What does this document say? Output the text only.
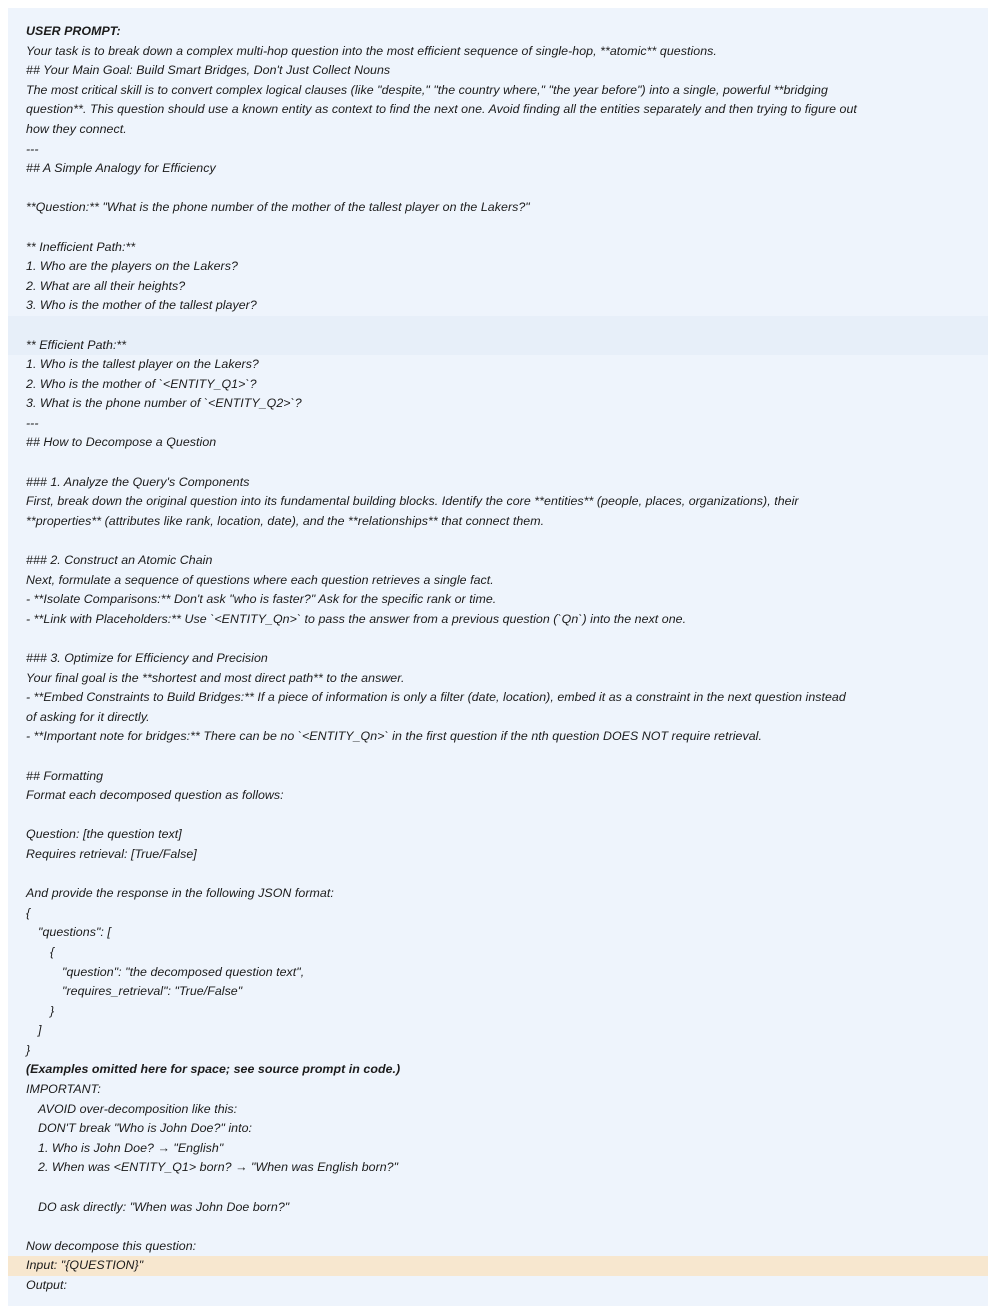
USER PROMPT:
Your task is to break down a complex multi-hop question into the most efficient sequence of single-hop, **atomic** questions.
## Your Main Goal: Build Smart Bridges, Don't Just Collect Nouns
The most critical skill is to convert complex logical clauses (like "despite," "the country where," "the year before") into a single, powerful **bridging
question**. This question should use a known entity as context to find the next one. Avoid finding all the entities separately and then trying to figure out
how they connect.
---
## A Simple Analogy for Efficiency
**Question:** "What is the phone number of the mother of the tallest player on the Lakers?"
** Inefficient Path:**
1. Who are the players on the Lakers?
2. What are all their heights?
3. Who is the mother of the tallest player?
** Efficient Path:**
1. Who is the tallest player on the Lakers?
2. Who is the mother of `<ENTITY_Q1>`?
3. What is the phone number of `<ENTITY_Q2>`?
---
## How to Decompose a Question
### 1. Analyze the Query's Components
First, break down the original question into its fundamental building blocks. Identify the core **entities** (people, places, organizations), their
**properties** (attributes like rank, location, date), and the **relationships** that connect them.
### 2. Construct an Atomic Chain
Next, formulate a sequence of questions where each question retrieves a single fact.
- **Isolate Comparisons:** Don't ask "who is faster?" Ask for the specific rank or time.
- **Link with Placeholders:** Use `<ENTITY_Qn>` to pass the answer from a previous question (`Qn`) into the next one.
### 3. Optimize for Efficiency and Precision
Your final goal is the **shortest and most direct path** to the answer.
- **Embed Constraints to Build Bridges:** If a piece of information is only a filter (date, location), embed it as a constraint in the next question instead
of asking for it directly.
- **Important note for bridges:** There can be no `<ENTITY_Qn>` in the first question if the nth question DOES NOT require retrieval.
## Formatting
Format each decomposed question as follows:
Question: [the question text]
Requires retrieval: [True/False]
And provide the response in the following JSON format:
{
"questions": [
{
"question": "the decomposed question text",
"requires_retrieval": "True/False"
}
]
}
(Examples omitted here for space; see source prompt in code.)
IMPORTANT:
AVOID over-decomposition like this:
DON'T break "Who is John Doe?" into:
1. Who is John Doe? → "English"
2. When was <ENTITY_Q1> born? → "When was English born?"
DO ask directly: "When was John Doe born?"
Now decompose this question:
Input: "{QUESTION}"
Output:
